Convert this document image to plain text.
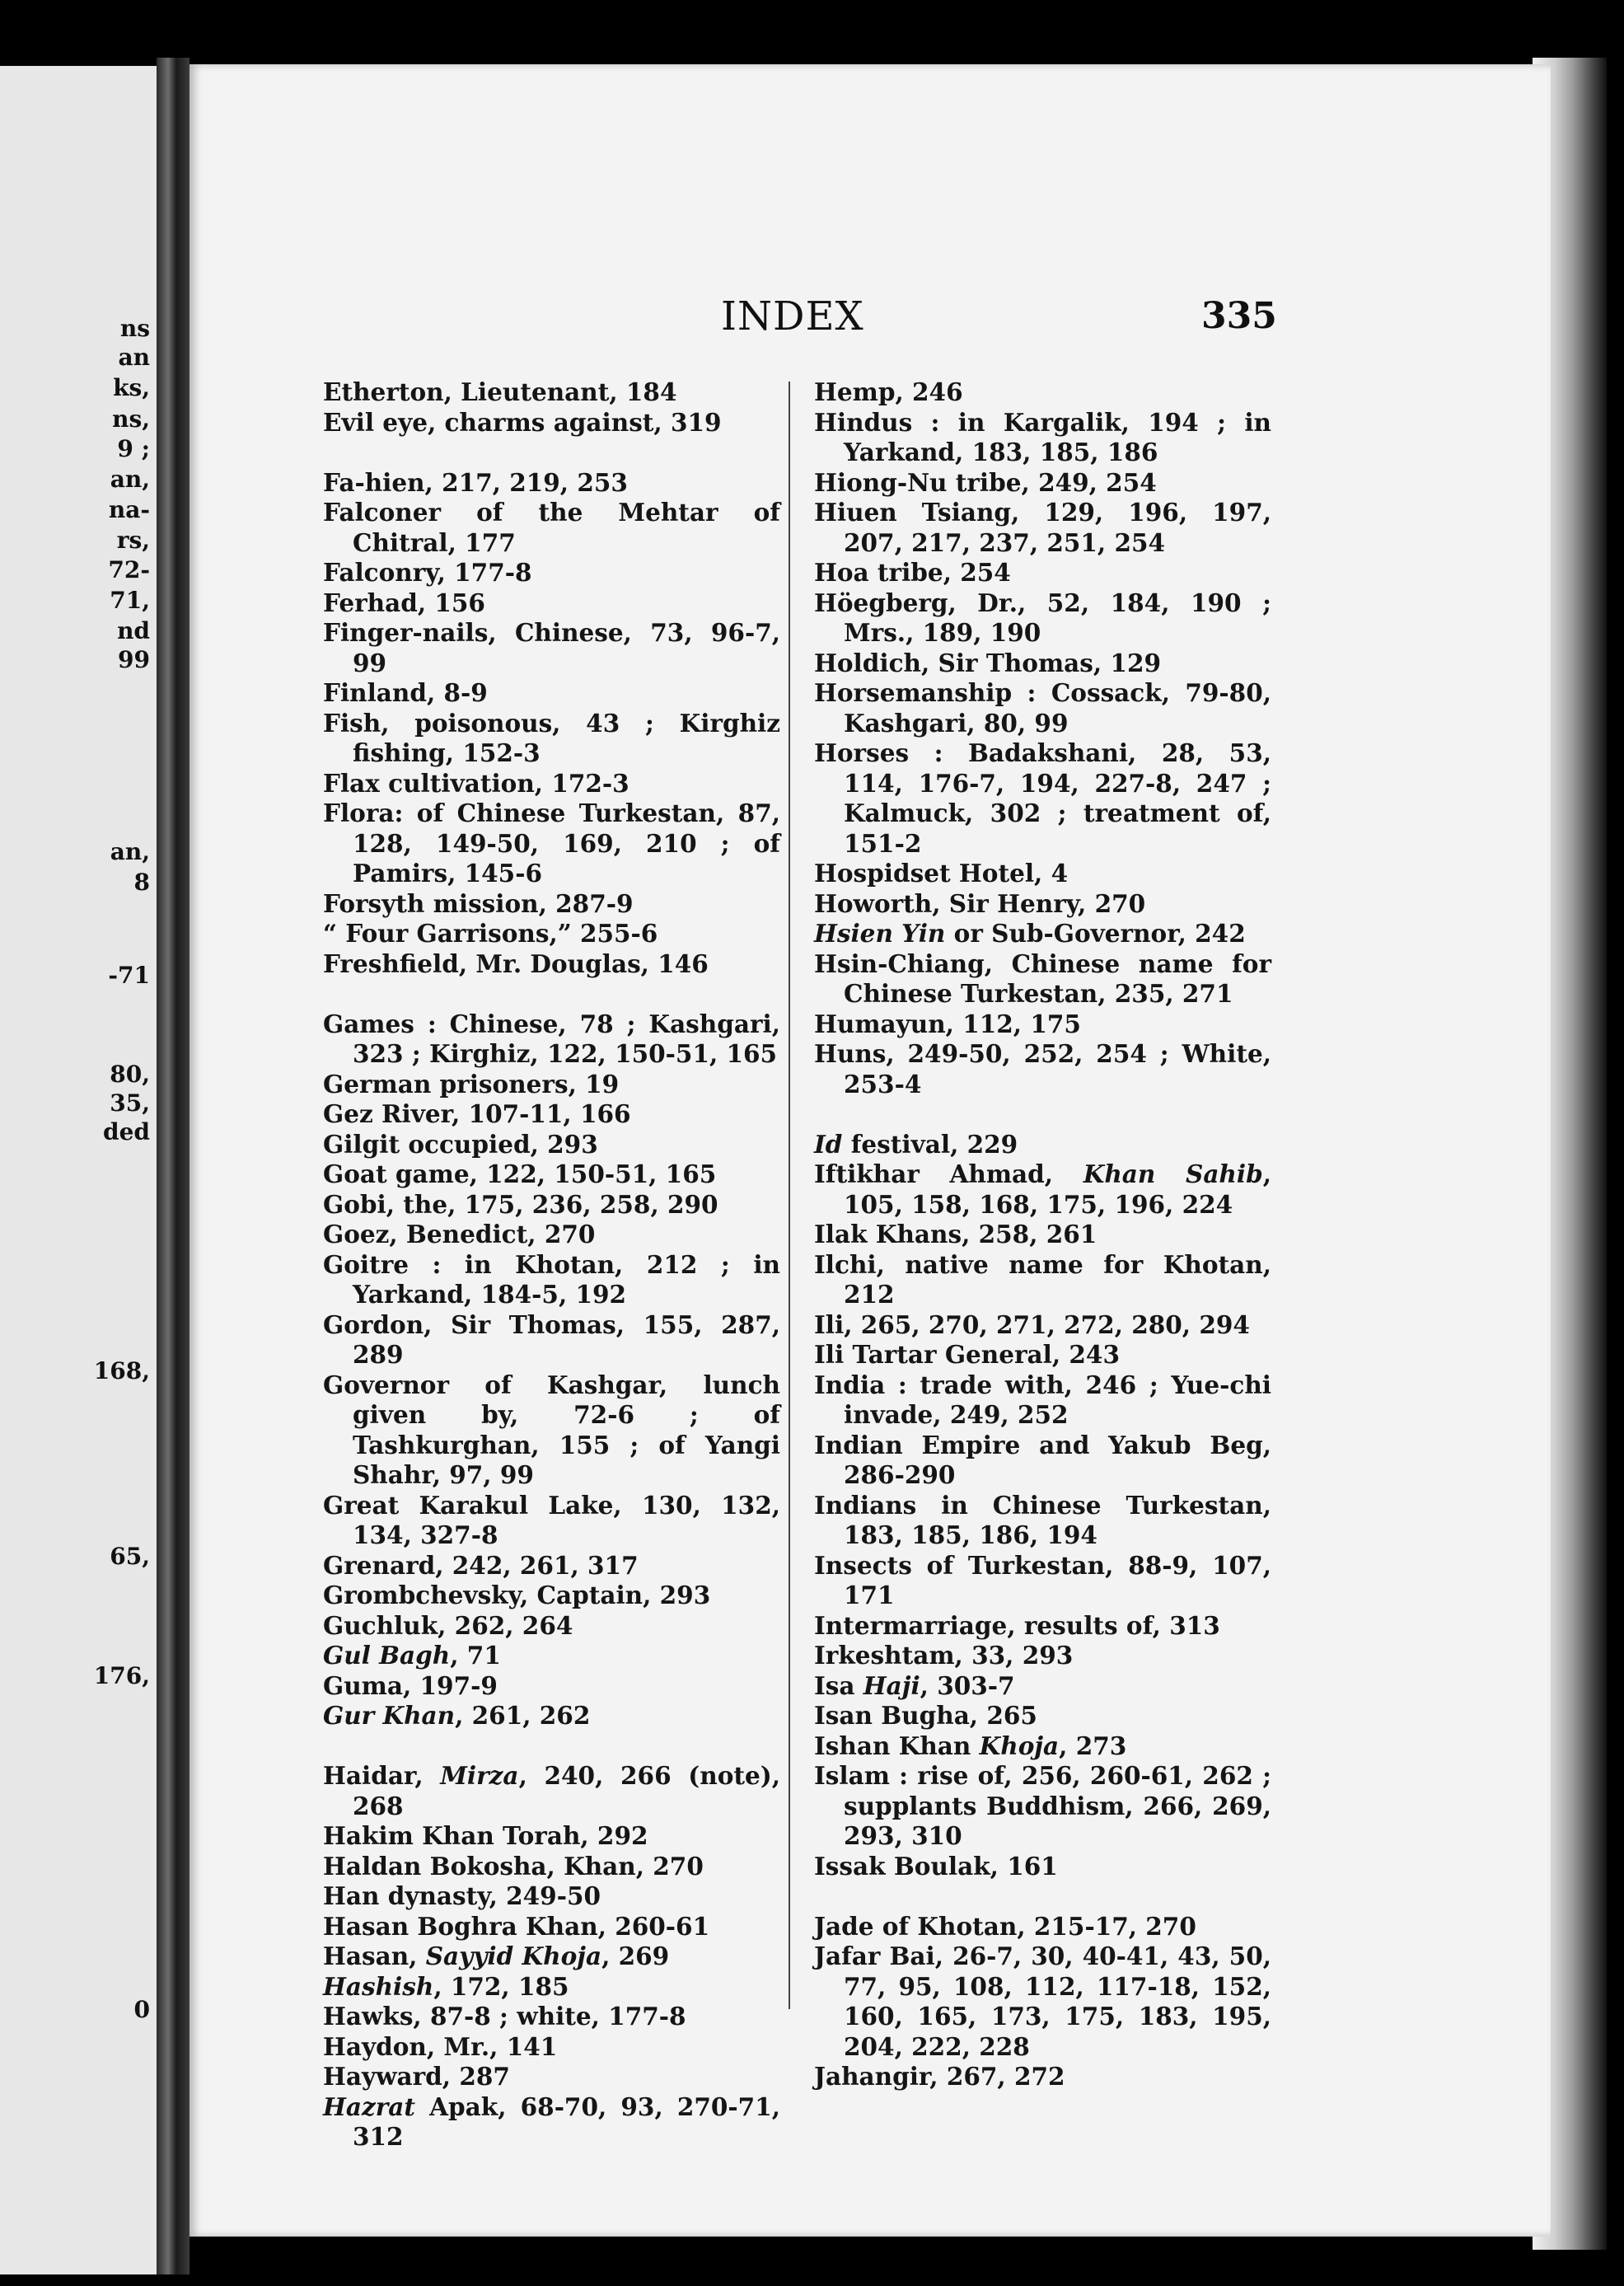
ns
an
ks,
ns,
9 ;
an,
na-
rs,
72-
71,
nd
99
an,
8
-71
80,
35,
ded
168,
65,
176,
0
INDEX	335

Etherton, Lieutenant, 184

Evil eye, charms against, 319

Fa-hien, 217, 219, 253

Falconer of the Mehtar of Chitral, 177

Falconry, 177-8

Ferhad, 156

Finger-nails, Chinese, 73, 96-7, 99

Finland, 8-9

Fish, poisonous, 43 ; Kirghiz fishing, 152-3

Flax cultivation, 172-3

Flora: of Chinese Turkestan, 87, 128, 149-50, 169, 210 ; of Pamirs, 145-6

Forsyth mission, 287-9

“ Four Garrisons,” 255-6

Freshfield, Mr. Douglas, 146

Games : Chinese, 78 ; Kashgari, 323 ; Kirghiz, 122, 150-51, 165

German prisoners, 19

Gez River, 107-11, 166

Gilgit occupied, 293

Goat game, 122, 150-51, 165

Gobi, the, 175, 236, 258, 290

Goez, Benedict, 270

Goitre : in Khotan, 212 ; in Yarkand, 184-5, 192

Gordon, Sir Thomas, 155, 287, 289

Governor of Kashgar, lunch given by, 72-6 ; of Tashkurghan, 155 ; of Yangi Shahr, 97, 99

Great Karakul Lake, 130, 132, 134, 327-8

Grenard, 242, 261, 317

Grombchevsky, Captain, 293

Guchluk, 262, 264

Gul Bagh, 71

Guma, 197-9

Gur Khan, 261, 262

Haidar, Mirza, 240, 266 (note), 268

Hakim Khan Torah, 292

Haldan Bokosha, Khan, 270

Han dynasty, 249-50

Hasan Boghra Khan, 260-61

Hasan, Sayyid Khoja, 269

Hashish, 172, 185

Hawks, 87-8 ; white, 177-8

Haydon, Mr., 141

Hayward, 287

Hazrat Apak, 68-70, 93, 270-71, 312

Hemp, 246

Hindus : in Kargalik, 194 ; in Yarkand, 183, 185, 186

Hiong-Nu tribe, 249, 254

Hiuen Tsiang, 129, 196, 197, 207, 217, 237, 251, 254

Hoa tribe, 254

Höegberg, Dr., 52, 184, 190 ; Mrs., 189, 190

Holdich, Sir Thomas, 129

Horsemanship : Cossack, 79-80, Kashgari, 80, 99

Horses : Badakshani, 28, 53, 114, 176-7, 194, 227-8, 247 ; Kalmuck, 302 ; treatment of, 151-2

Hospidset Hotel, 4

Howorth, Sir Henry, 270

Hsien Yin or Sub-Governor, 242

Hsin-Chiang, Chinese name for Chinese Turkestan, 235, 271

Humayun, 112, 175

Huns, 249-50, 252, 254 ; White, 253-4

Id festival, 229

Iftikhar Ahmad, Khan Sahib, 105, 158, 168, 175, 196, 224

Ilak Khans, 258, 261

Ilchi, native name for Khotan, 212

Ili, 265, 270, 271, 272, 280, 294

Ili Tartar General, 243

India : trade with, 246 ; Yue-chi invade, 249, 252

Indian Empire and Yakub Beg, 286-290

Indians in Chinese Turkestan, 183, 185, 186, 194

Insects of Turkestan, 88-9, 107, 171

Intermarriage, results of, 313

Irkeshtam, 33, 293

Isa Haji, 303-7

Isan Bugha, 265

Ishan Khan Khoja, 273

Islam : rise of, 256, 260-61, 262 ; supplants Buddhism, 266, 269, 293, 310

Issak Boulak, 161

Jade of Khotan, 215-17, 270

Jafar Bai, 26-7, 30, 40-41, 43, 50, 77, 95, 108, 112, 117-18, 152, 160, 165, 173, 175, 183, 195, 204, 222, 228

Jahangir, 267, 272
